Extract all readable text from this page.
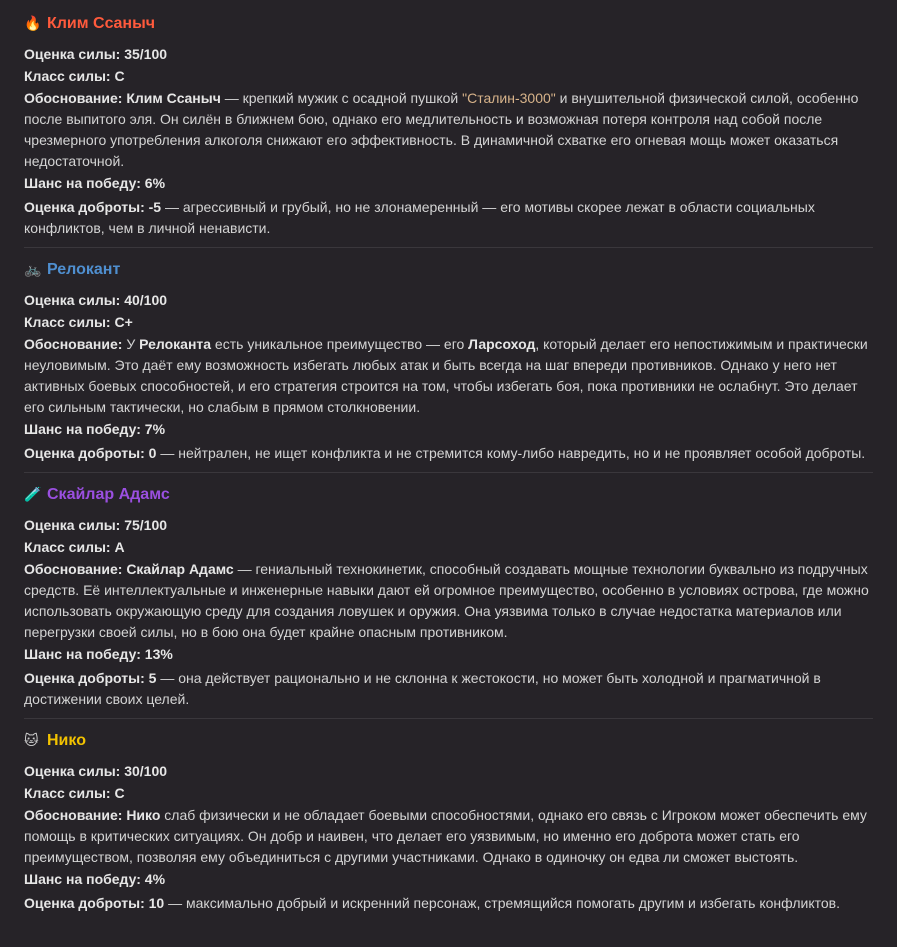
🔥 Клим Сcаныч
Оценка силы: 35/100
Класс силы: C
Обоснование: Клим Сcаныч — крепкий мужик с осадной пушкой "Сталин-3000" и внушительной физической силой, особенно после выпитого эля. Он силён в ближнем бою, однако его медлительность и возможная потеря контроля над собой после чрезмерного употребления алкоголя снижают его эффективность. В динамичной схватке его огневая мощь может оказаться недостаточной.
Шанс на победу: 6%
Оценка доброты: -5 — агрессивный и грубый, но не злонамеренный — его мотивы скорее лежат в области социальных конфликтов, чем в личной ненависти.
🚲 Релокант
Оценка силы: 40/100
Класс силы: C+
Обоснование: У Релоканта есть уникальное преимущество — его Ларсоход, который делает его непостижимым и практически неуловимым. Это даёт ему возможность избегать любых атак и быть всегда на шаг впереди противников. Однако у него нет активных боевых способностей, и его стратегия строится на том, чтобы избегать боя, пока противники не ослабнут. Это делает его сильным тактически, но слабым в прямом столкновении.
Шанс на победу: 7%
Оценка доброты: 0 — нейтрален, не ищет конфликта и не стремится кому-либо навредить, но и не проявляет особой доброты.
🧪 Скайлар Адамс
Оценка силы: 75/100
Класс силы: A
Обоснование: Скайлар Адамс — гениальный технокинетик, способный создавать мощные технологии буквально из подручных средств. Её интеллектуальные и инженерные навыки дают ей огромное преимущество, особенно в условиях острова, где можно использовать окружающую среду для создания ловушек и оружия. Она уязвима только в случае недостатка материалов или перегрузки своей силы, но в бою она будет крайне опасным противником.
Шанс на победу: 13%
Оценка доброты: 5 — она действует рационально и не склонна к жестокости, но может быть холодной и прагматичной в достижении своих целей.
🐱 Нико
Оценка силы: 30/100
Класс силы: C
Обоснование: Нико слаб физически и не обладает боевыми способностями, однако его связь с Игроком может обеспечить ему помощь в критических ситуациях. Он добр и наивен, что делает его уязвимым, но именно его доброта может стать его преимуществом, позволяя ему объединиться с другими участниками. Однако в одиночку он едва ли сможет выстоять.
Шанс на победу: 4%
Оценка доброты: 10 — максимально добрый и искренний персонаж, стремящийся помогать другим и избегать конфликтов.
